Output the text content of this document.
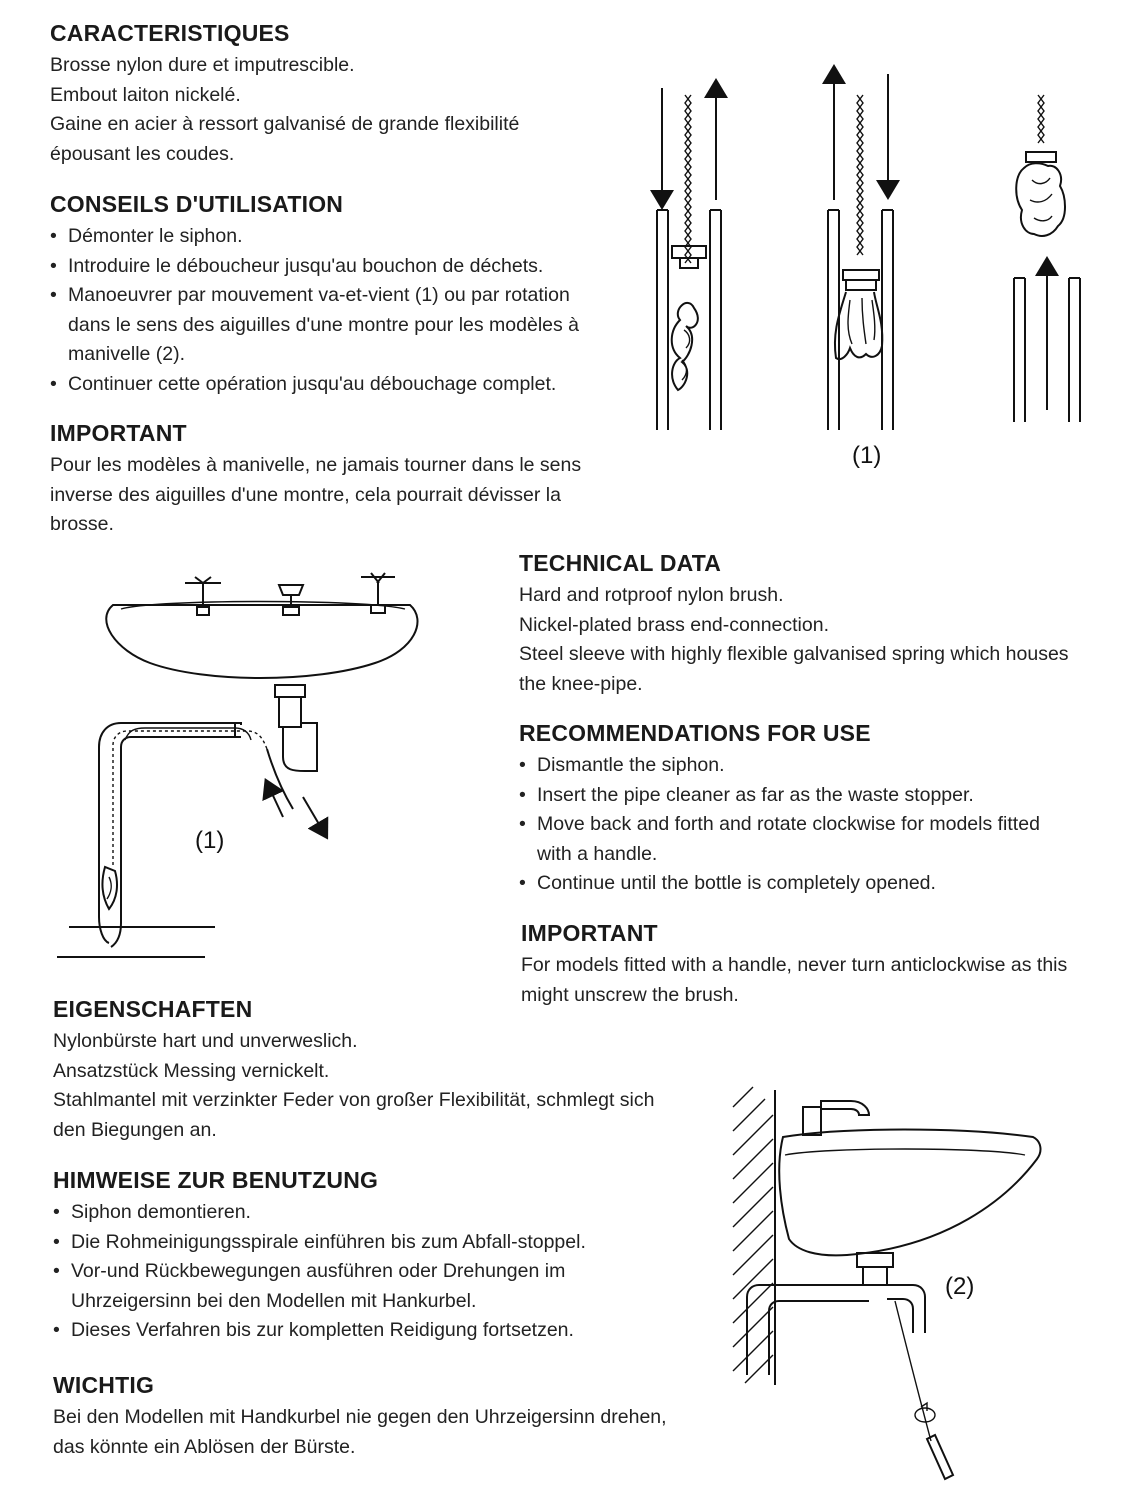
CARACTERISTIQUES
Brosse nylon dure et imputrescible.
Embout laiton nickelé.
Gaine en acier à ressort galvanisé de grande flexibilité
épousant les coudes.
CONSEILS D'UTILISATION
• Démonter le siphon.
• Introduire le déboucheur jusqu'au bouchon de déchets.
• Manoeuvrer par mouvement va-et-vient (1) ou par rotation
dans le sens des aiguilles d'une montre pour les modèles à
manivelle (2).
• Continuer cette opération jusqu'au débouchage complet.
IMPORTANT
Pour les modèles à manivelle, ne jamais tourner dans le sens
inverse des aiguilles d'une montre, cela pourrait dévisser la
brosse.
(1)
(1)
TECHNICAL DATA
Hard and rotproof nylon brush.
Nickel-plated brass end-connection.
Steel sleeve with highly flexible galvanised spring which houses
the knee-pipe.
RECOMMENDATIONS FOR USE
• Dismantle the siphon.
• Insert the pipe cleaner as far as the waste stopper.
• Move back and forth and rotate clockwise for models fitted
with a handle.
• Continue until the bottle is completely opened.
IMPORTANT
For models fitted with a handle, never turn anticlockwise as this
might unscrew the brush.
EIGENSCHAFTEN
Nylonbürste hart und unverweslich.
Ansatzstück Messing vernickelt.
Stahlmantel mit verzinkter Feder von großer Flexibilität, schmlegt sich
den Biegungen an.
HIMWEISE ZUR BENUTZUNG
• Siphon demontieren.
• Die Rohmeinigungsspirale einführen bis zum Abfall-stoppel.
• Vor-und Rückbewegungen ausführen oder Drehungen im
Uhrzeigersinn bei den Modellen mit Hankurbel.
• Dieses Verfahren bis zur kompletten Reidigung fortsetzen.
WICHTIG
Bei den Modellen mit Handkurbel nie gegen den Uhrzeigersinn drehen,
das könnte ein Ablösen der Bürste.
(2)
